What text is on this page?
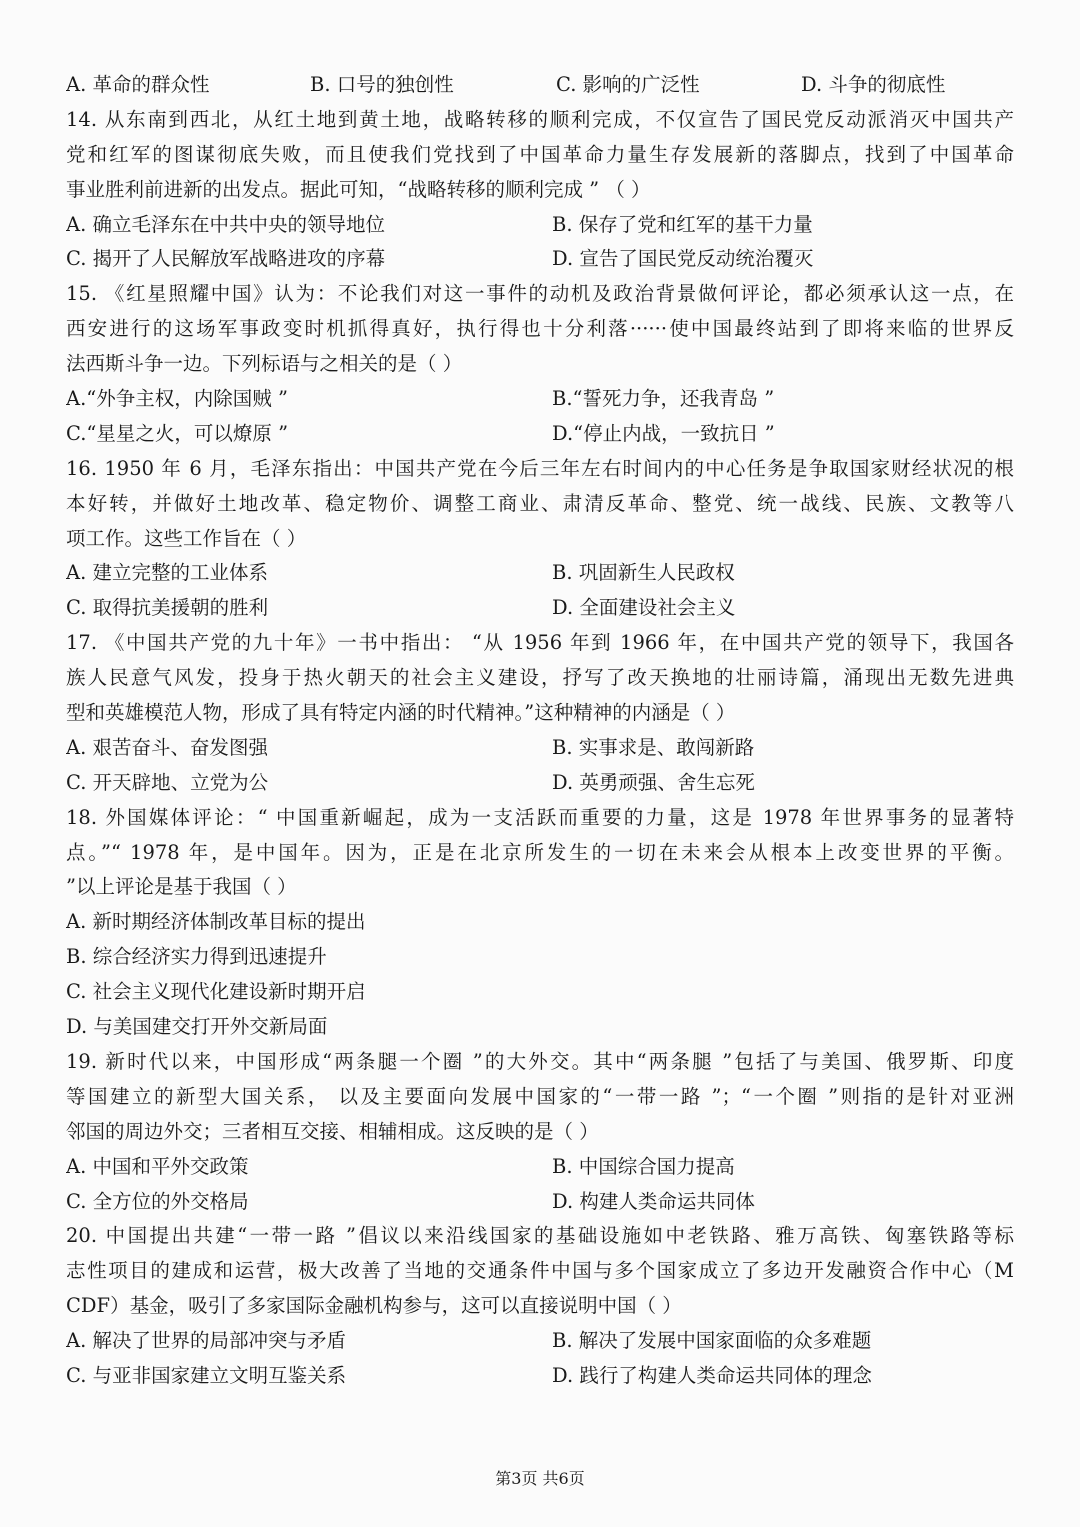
A. 革命的群众性	B. 口号的独创性	C. 影响的广泛性	D. 斗争的彻底性
14. 从东南到西北，从红土地到黄土地，战略转移的顺利完成，不仅宣告了国民党反动派消灭中国共产
党和红军的图谋彻底失败，而且使我们党找到了中国革命力量生存发展新的落脚点，找到了中国革命
事业胜利前进新的出发点。据此可知，“战略转移的顺利完成 ” （ ）
A. 确立毛泽东在中共中央的领导地位	B. 保存了党和红军的基干力量
C. 揭开了人民解放军战略进攻的序幕	D. 宣告了国民党反动统治覆灭
15. 《红星照耀中国》认为：不论我们对这一事件的动机及政治背景做何评论，都必须承认这一点，在
西安进行的这场军事政变时机抓得真好，执行得也十分利落······使中国最终站到了即将来临的世界反
法西斯斗争一边。下列标语与之相关的是（ ）
A.“外争主权，内除国贼 ”	B.“誓死力争，还我青岛 ”
C.“星星之火，可以燎原 ”	D.“停止内战，一致抗日 ”
16. 1950 年 6 月，毛泽东指出：中国共产党在今后三年左右时间内的中心任务是争取国家财经状况的根
本好转，并做好土地改革、稳定物价、调整工商业、肃清反革命、整党、统一战线、民族、文教等八
项工作。这些工作旨在（ ）
A. 建立完整的工业体系	B. 巩固新生人民政权
C. 取得抗美援朝的胜利	D. 全面建设社会主义
17. 《中国共产党的九十年》一书中指出： “从 1956 年到 1966 年，在中国共产党的领导下，我国各
族人民意气风发，投身于热火朝天的社会主义建设，抒写了改天换地的壮丽诗篇，涌现出无数先进典
型和英雄模范人物，形成了具有特定内涵的时代精神。”这种精神的内涵是（ ）
A. 艰苦奋斗、奋发图强	B. 实事求是、敢闯新路
C. 开天辟地、立党为公	D. 英勇顽强、舍生忘死
18. 外国媒体评论：“ 中国重新崛起，成为一支活跃而重要的力量，这是 1978 年世界事务的显著特
点。”“ 1978 年，是中国年。因为，正是在北京所发生的一切在未来会从根本上改变世界的平衡。
”以上评论是基于我国（ ）
A. 新时期经济体制改革目标的提出
B. 综合经济实力得到迅速提升
C. 社会主义现代化建设新时期开启
D. 与美国建交打开外交新局面
19. 新时代以来，中国形成“两条腿一个圈 ”的大外交。其中“两条腿 ”包括了与美国、俄罗斯、印度
等国建立的新型大国关系， 以及主要面向发展中国家的“一带一路 ”；“一个圈 ”则指的是针对亚洲
邻国的周边外交；三者相互交接、相辅相成。这反映的是（ ）
A. 中国和平外交政策	B. 中国综合国力提高
C. 全方位的外交格局	D. 构建人类命运共同体
20. 中国提出共建“一带一路 ”倡议以来沿线国家的基础设施如中老铁路、雅万高铁、匈塞铁路等标
志性项目的建成和运营，极大改善了当地的交通条件中国与多个国家成立了多边开发融资合作中心（M
CDF）基金，吸引了多家国际金融机构参与，这可以直接说明中国（ ）
A. 解决了世界的局部冲突与矛盾	B. 解决了发展中国家面临的众多难题
C. 与亚非国家建立文明互鉴关系	D. 践行了构建人类命运共同体的理念
第3页 共6页
